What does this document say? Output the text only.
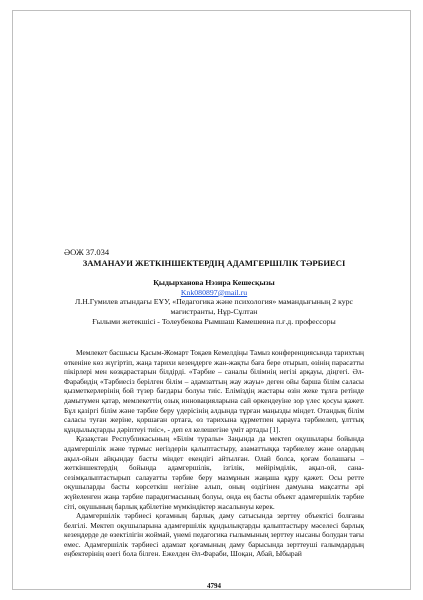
ӘОЖ 37.034
ЗАМАНАУИ ЖЕТКІНШЕКТЕРДІҢ АДАМГЕРШІЛІК ТӘРБИЕСІ
Қыдырханова Нэзира Кешесқызы
Knk080897@mail.ru
Л.Н.Гумилев атындағы ЕҰУ, «Педагогика және психология» мамандығының 2 курс
магистранты, Нұр-Сұлтан
Ғылыми жетекшісі - Толеубекова Рымшаш Камешевна п.ғ.д. профессоры

Мемлекет басшысы Қасым-Жомарт Тоқаев Кемелдіңы Тамыз конференциясында тарихтың өткеніне көз жүгіртіп, жаңа тарихи кезеңдерге жан-жақты баға бере отырып, өзінің парасатты пікірлері мен көзқарастарын білдірді. «Тәрбие – саналы білімнің негізі арқауы, діңгегі. Әл-Фарабидің «Тәрбиесіз берілген білім – адамзаттың жау жауы» деген ойы барша білім саласы қызметкерлерінің бой түзер бағдары болуы тиіс. Еліміздің жастары өзін жеке тұлға ретінде дамытумен қатар, мемлекеттің озық инновацияларына сай өркендеуіне зор үлес қосуы қажет. Бұл қазіргі білім және тәрбие беру үдерісінің алдында тұрған маңызды міндет. Отандық білім саласы туған жеріне, қоршаған ортаға, өз тарихына құрметпен қарауға тәрбиелеп, ұлттық құндылықтарды дәріптеуі тиіс», - деп ел келешегіне үміт артады [1].

Қазақстан Республикасының «Білім туралы» Заңында да мектеп оқушылары бойында адамгершілік және тұрмыс негіздерін қалыптастыру, азаматтыққа тәрбиелеу және олардың ақыл-ойын айқындау басты міндет екендігі айтылған. Олай болса, қоғам болашағы – жеткіншектердің бойында адамгершілік, ізгілік, мейірімділік, ақыл-ой, сана-сезімқалыптастырып салауатты тәрбие беру мазмұнын жаңаша құру қажет. Осы ретте оқушыларды басты көрсеткіш негізіне алып, оның өздігінен дамуына мақсатты әрі жүйеленген жаңа тәрбие парадигмасының болуы, онда ең басты объект адамгершілік тәрбие сіті, оқушының барлық қабілетіне мүмкіндіктер жасалынуы керек.

Адамгершілік тәрбиесі қоғамның барлық даму сатысында зерттеу объектісі болғаны белгілі. Мектеп оқушыларына адамгершілік құндылықтарды қалыптастыру мәселесі барлық кезеңдерде де өзектілігін жоймай, үнемі педагогика ғылымының зерттеу нысаны болудан тағы емес. Адамгершілік тәрбиесі адамзат қоғамының даму барысында зерттеуші ғалымдардың еңбектерінің өзегі бола білген. Ежелден Әл-Фараби, Шоқан, Абай, Ыбырай

4794
